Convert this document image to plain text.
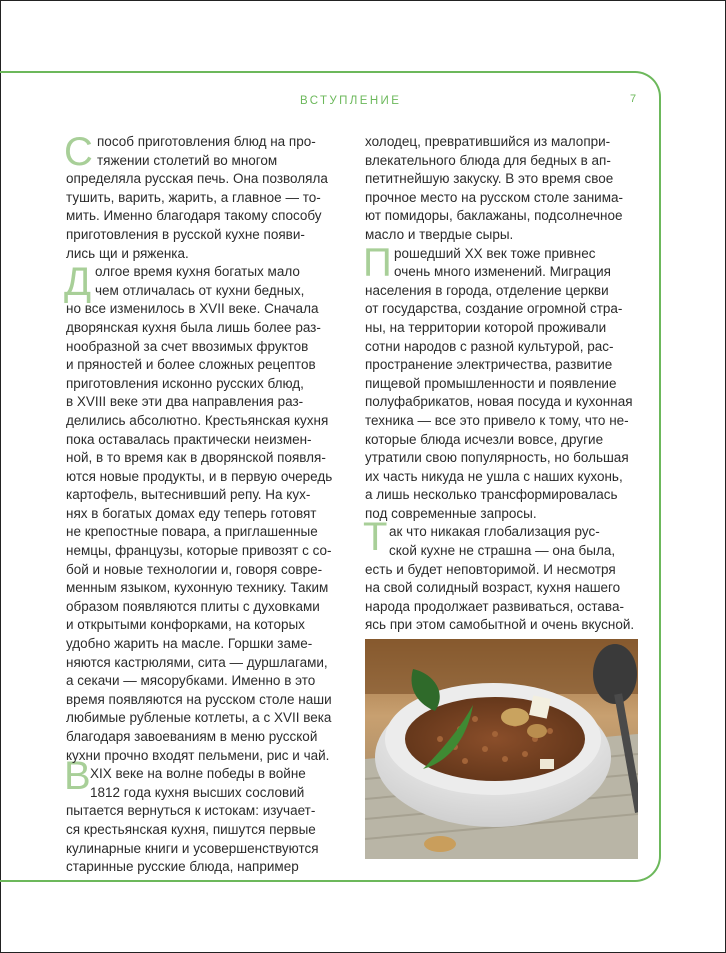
ВСТУПЛЕНИЕ	7
С
Д
В
П
Т
пособ приготовления блюд на про-
тяжении столетий во многом
определяла русская печь. Она позволяла
тушить, варить, жарить, а главное — то-
мить. Именно благодаря такому способу
приготовления в русской кухне появи-
лись щи и ряженка.
олгое время кухня богатых мало
чем отличалась от кухни бедных,
но все изменилось в XVII веке. Сначала
дворянская кухня была лишь более раз-
нообразной за счет ввозимых фруктов
и пряностей и более сложных рецептов
приготовления исконно русских блюд,
в XVIII веке эти два направления раз-
делились абсолютно. Крестьянская кухня
пока оставалась практически неизмен-
ной, в то время как в дворянской появля-
ются новые продукты, и в первую очередь
картофель, вытеснивший репу. На кух-
нях в богатых домах еду теперь готовят
не крепостные повара, а приглашенные
немцы, французы, которые привозят с со-
бой и новые технологии и, говоря совре-
менным языком, кухонную технику. Таким
образом появляются плиты с духовками
и открытыми конфорками, на которых
удобно жарить на масле. Горшки заме-
няются кастрюлями, сита — дуршлагами,
а секачи — мясорубками. Именно в это
время появляются на русском столе наши
любимые рубленые котлеты, а с XVII века
благодаря завоеваниям в меню русской
кухни прочно входят пельмени, рис и чай.
XIX веке на волне победы в войне
1812 года кухня высших сословий
пытается вернуться к истокам: изучает-
ся крестьянская кухня, пишутся первые
кулинарные книги и усовершенствуются
старинные русские блюда, например
холодец, превратившийся из малопри-
влекательного блюда для бедных в ап-
петитнейшую закуску. В это время свое
прочное место на русском столе занима-
ют помидоры, баклажаны, подсолнечное
масло и твердые сыры.
рошедший XX век тоже привнес
очень много изменений. Миграция
населения в города, отделение церкви
от государства, создание огромной стра-
ны, на территории которой проживали
сотни народов с разной культурой, рас-
пространение электричества, развитие
пищевой промышленности и появление
полуфабрикатов, новая посуда и кухонная
техника — все это привело к тому, что не-
которые блюда исчезли вовсе, другие
утратили свою популярность, но большая
их часть никуда не ушла с наших кухонь,
а лишь несколько трансформировалась
под современные запросы.
ак что никакая глобализация рус-
ской кухне не страшна — она была,
есть и будет неповторимой. И несмотря
на свой солидный возраст, кухня нашего
народа продолжает развиваться, остава-
ясь при этом самобытной и очень вкусной.
